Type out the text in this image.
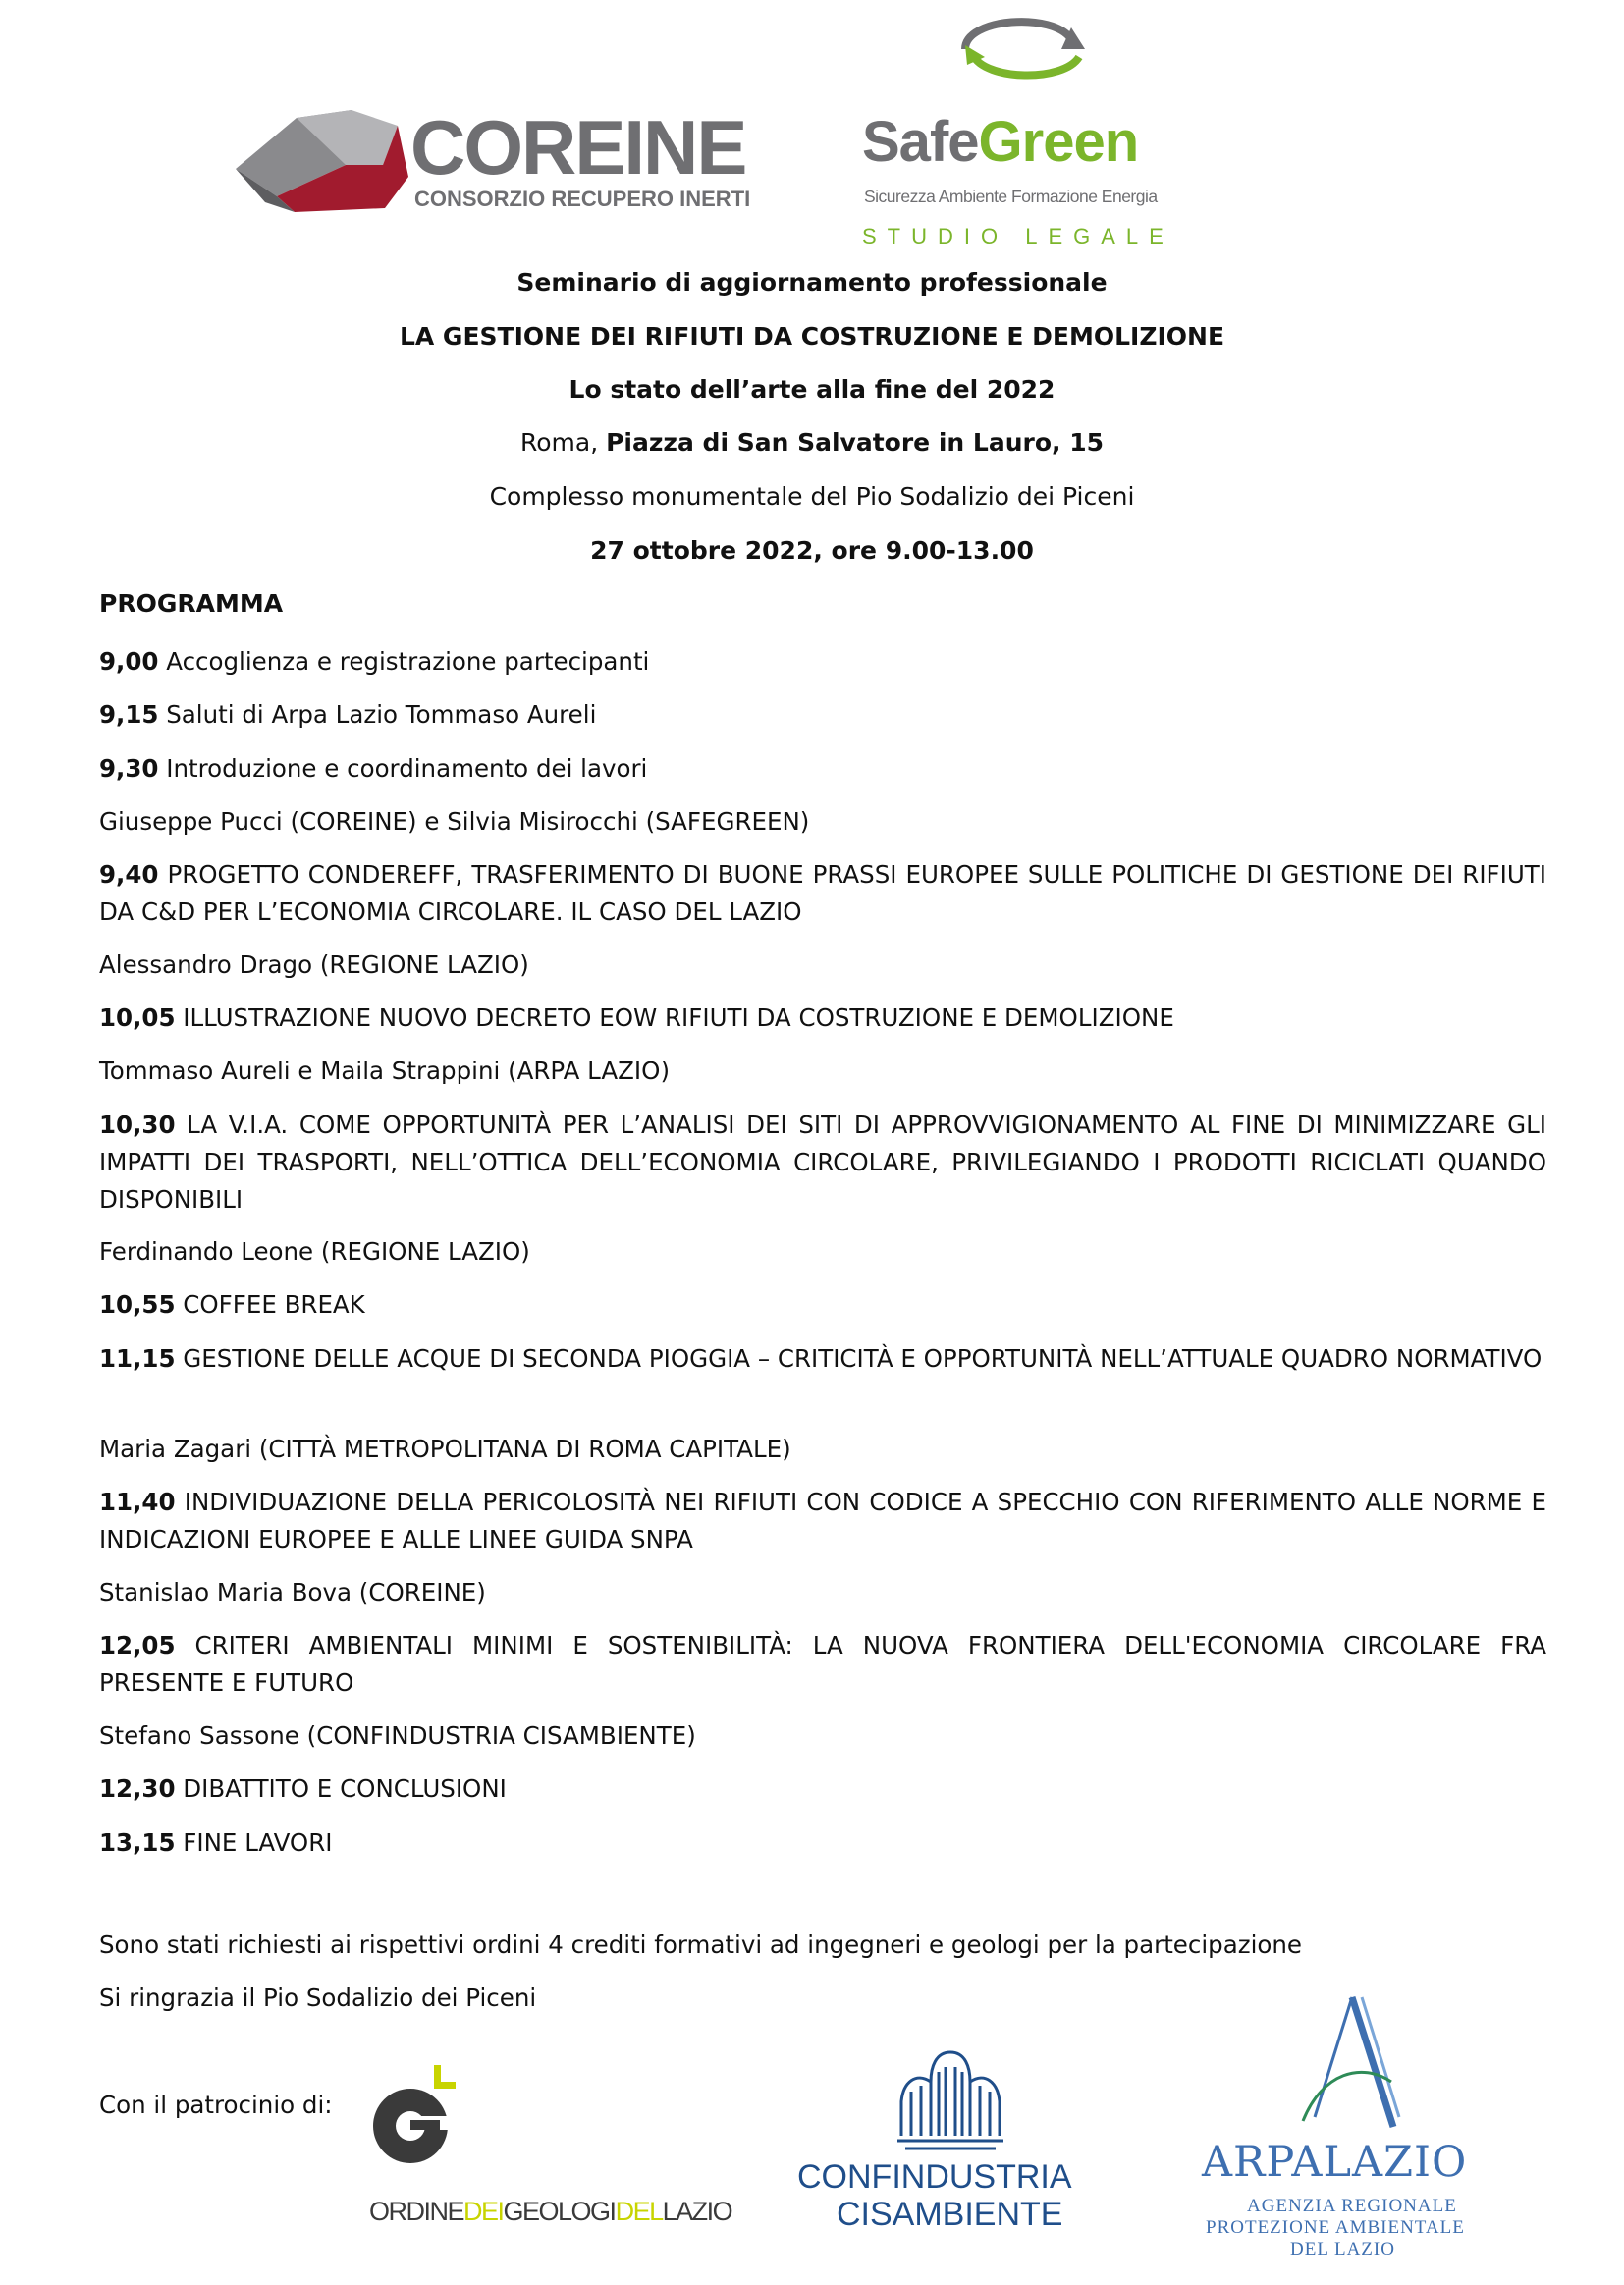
COREINE
CONSORZIO RECUPERO INERTI
SafeGreen
Sicurezza Ambiente Formazione Energia
STUDIO LEGALE
Seminario di aggiornamento professionale
LA GESTIONE DEI RIFIUTI DA COSTRUZIONE E DEMOLIZIONE
Lo stato dell’arte alla fine del 2022
Roma, Piazza di San Salvatore in Lauro, 15
Complesso monumentale del Pio Sodalizio dei Piceni
27 ottobre 2022, ore 9.00-13.00
PROGRAMMA
9,00 Accoglienza e registrazione partecipanti
9,15 Saluti di Arpa Lazio Tommaso Aureli
9,30 Introduzione e coordinamento dei lavori
Giuseppe Pucci (COREINE) e Silvia Misirocchi (SAFEGREEN)
9,40 PROGETTO CONDEREFF, TRASFERIMENTO DI BUONE PRASSI EUROPEE SULLE POLITICHE DI GESTIONE DEI RIFIUTI DA C&D PER L’ECONOMIA CIRCOLARE. IL CASO DEL LAZIO
Alessandro Drago (REGIONE LAZIO)
10,05 ILLUSTRAZIONE NUOVO DECRETO EOW RIFIUTI DA COSTRUZIONE E DEMOLIZIONE
Tommaso Aureli e Maila Strappini (ARPA LAZIO)
10,30 LA V.I.A. COME OPPORTUNITÀ PER L’ANALISI DEI SITI DI APPROVVIGIONAMENTO AL FINE DI MINIMIZZARE GLI IMPATTI DEI TRASPORTI, NELL’OTTICA DELL’ECONOMIA CIRCOLARE, PRIVILEGIANDO I PRODOTTI RICICLATI QUANDO DISPONIBILI
Ferdinando Leone (REGIONE LAZIO)
10,55 COFFEE BREAK
11,15 GESTIONE DELLE ACQUE DI SECONDA PIOGGIA – CRITICITÀ E OPPORTUNITÀ NELL’ATTUALE QUADRO NORMATIVO
Maria Zagari (CITTÀ METROPOLITANA DI ROMA CAPITALE)
11,40 INDIVIDUAZIONE DELLA PERICOLOSITÀ NEI RIFIUTI CON CODICE A SPECCHIO CON RIFERIMENTO ALLE NORME E INDICAZIONI EUROPEE E ALLE LINEE GUIDA SNPA
Stanislao Maria Bova (COREINE)
12,05 CRITERI AMBIENTALI MINIMI E SOSTENIBILITÀ: LA NUOVA FRONTIERA DELL'ECONOMIA CIRCOLARE FRA PRESENTE E FUTURO
Stefano Sassone (CONFINDUSTRIA CISAMBIENTE)
12,30 DIBATTITO E CONCLUSIONI
13,15 FINE LAVORI
Sono stati richiesti ai rispettivi ordini 4 crediti formativi ad ingegneri e geologi per la partecipazione
Si ringrazia il Pio Sodalizio dei Piceni
Con il patrocinio di:
ORDINEDEIGEOLOGIDELLAZIO
CONFINDUSTRIA
CISAMBIENTE
ARPALAZIO
AGENZIA REGIONALE
PROTEZIONE AMBIENTALE
DEL LAZIO
